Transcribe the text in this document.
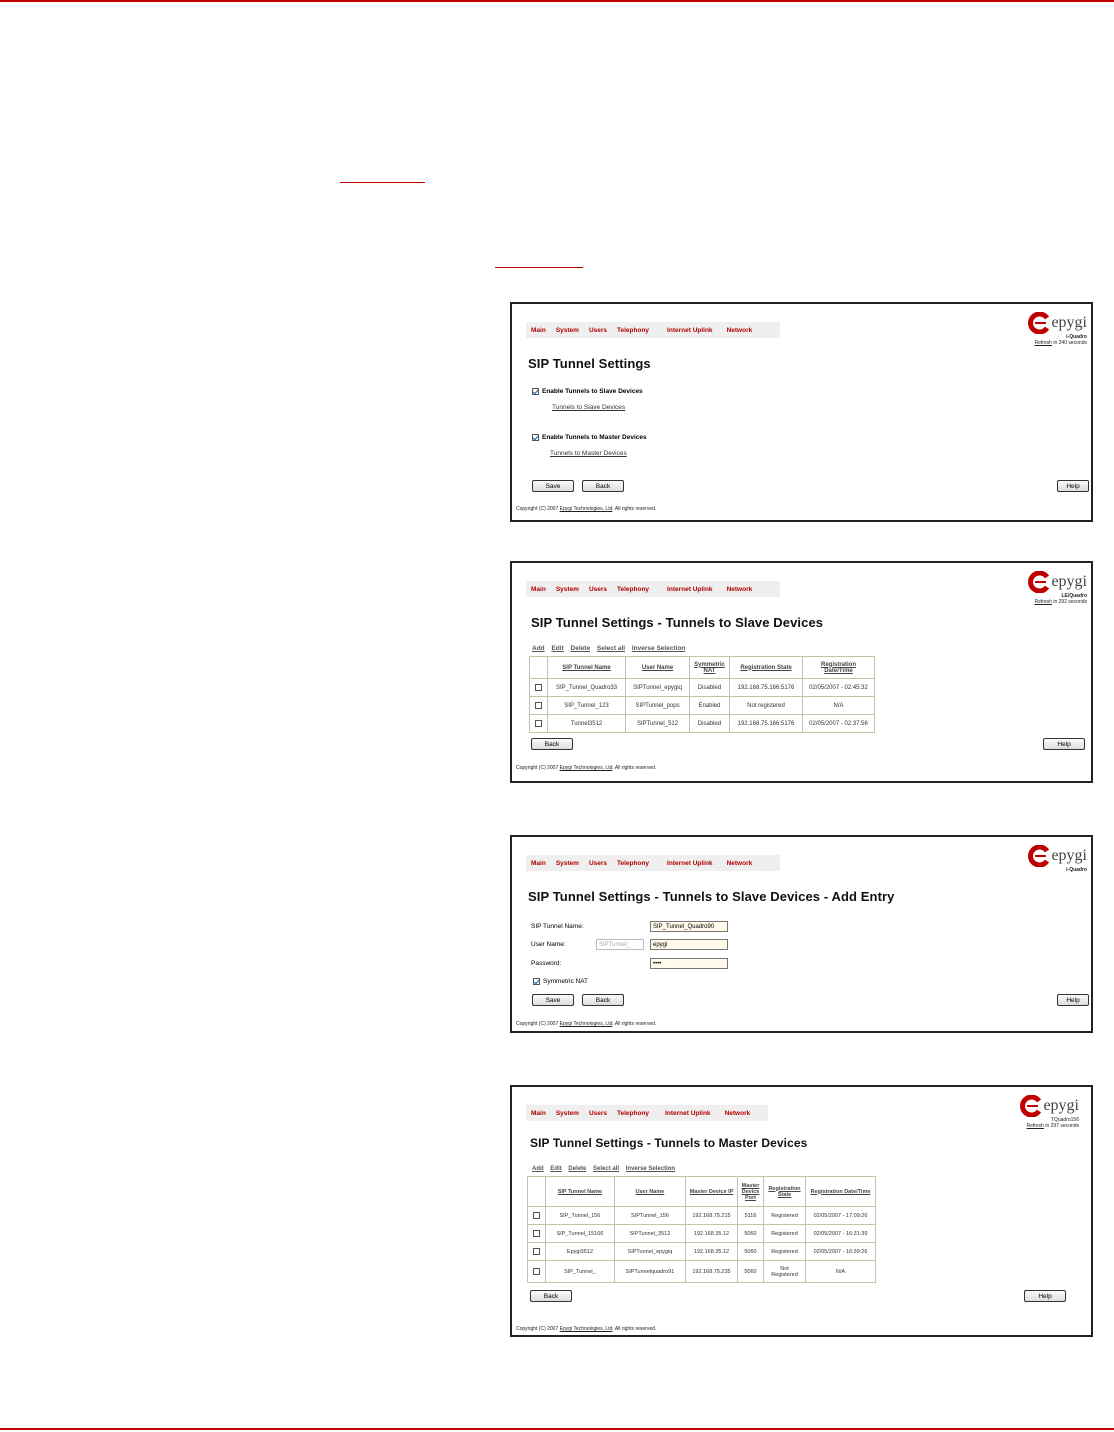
Main	System	Users	Telephony	Internet Uplink	Network	epygi
i-Quadro
Refresh in 240 seconds
SIP Tunnel Settings
Enable Tunnels to Slave Devices
Tunnels to Slave Devices
Enable Tunnels to Master Devices
Tunnels to Master Devices
Save	Back	Help
Copyright (C) 2007 Epygi Technologies, Ltd. All rights reserved.
Main	System	Users	Telephony	Internet Uplink	Network	epygi
LE/Quadro
Refresh in 292 seconds
SIP Tunnel Settings - Tunnels to Slave Devices
Add Edit Delete Select all Inverse Selection
	SIP Tunnel Name	User Name	Symmetric NAT	Registration State	Registration Date/Time
	SIP_Tunnel_Quadro33	SIPTunnel_epygiq	Disabled	192.168.75.166:5176	02/05/2007 - 02:45:32
	SIP_Tunnel_123	SIPTunnel_pops	Enabled	Not registered	N/A
	Tunnel3512	SIPTunnel_512	Disabled	192.168.75.166:5176	02/05/2007 - 02:37:56
Back	Help
Copyright (C) 2007 Epygi Technologies, Ltd. All rights reserved.
Main	System	Users	Telephony	Internet Uplink	Network	epygi
i-Quadro
SIP Tunnel Settings - Tunnels to Slave Devices - Add Entry
SIP Tunnel Name:	SIP_Tunnel_Quadro90
User Name:	SIPTunnel_	epygi
Password:	••••
Symmetric NAT
Save	Back	Help
Copyright (C) 2007 Epygi Technologies, Ltd. All rights reserved.
Main	System	Users	Telephony	Internet Uplink	Network	epygi
TQuadro156
Refresh in 297 seconds
SIP Tunnel Settings - Tunnels to Master Devices
Add Edit Delete Select all Inverse Selection
	SIP Tunnel Name	User Name	Master Device IP	Master Device Port	Registration State	Registration Date/Time
	SIP_Tunnel_156	SIPTunnel_156	192.168.75.215	5116	Registered	02/05/2007 - 17:09:26
	SIP_Tunnel_15166	SIPTunnel_3512	192.168.35.12	5060	Registered	02/05/2007 - 16:31:39
	Epygi3512	SIPTunnel_epygiq	192.168.35.12	5060	Registered	02/05/2007 - 16:39:26
	SIP_Tunnel_	SIPTunnelquadro91	192.168.75.235	5060	Not Registered	N/A
Back	Help
Copyright (C) 2007 Epygi Technologies, Ltd. All rights reserved.
